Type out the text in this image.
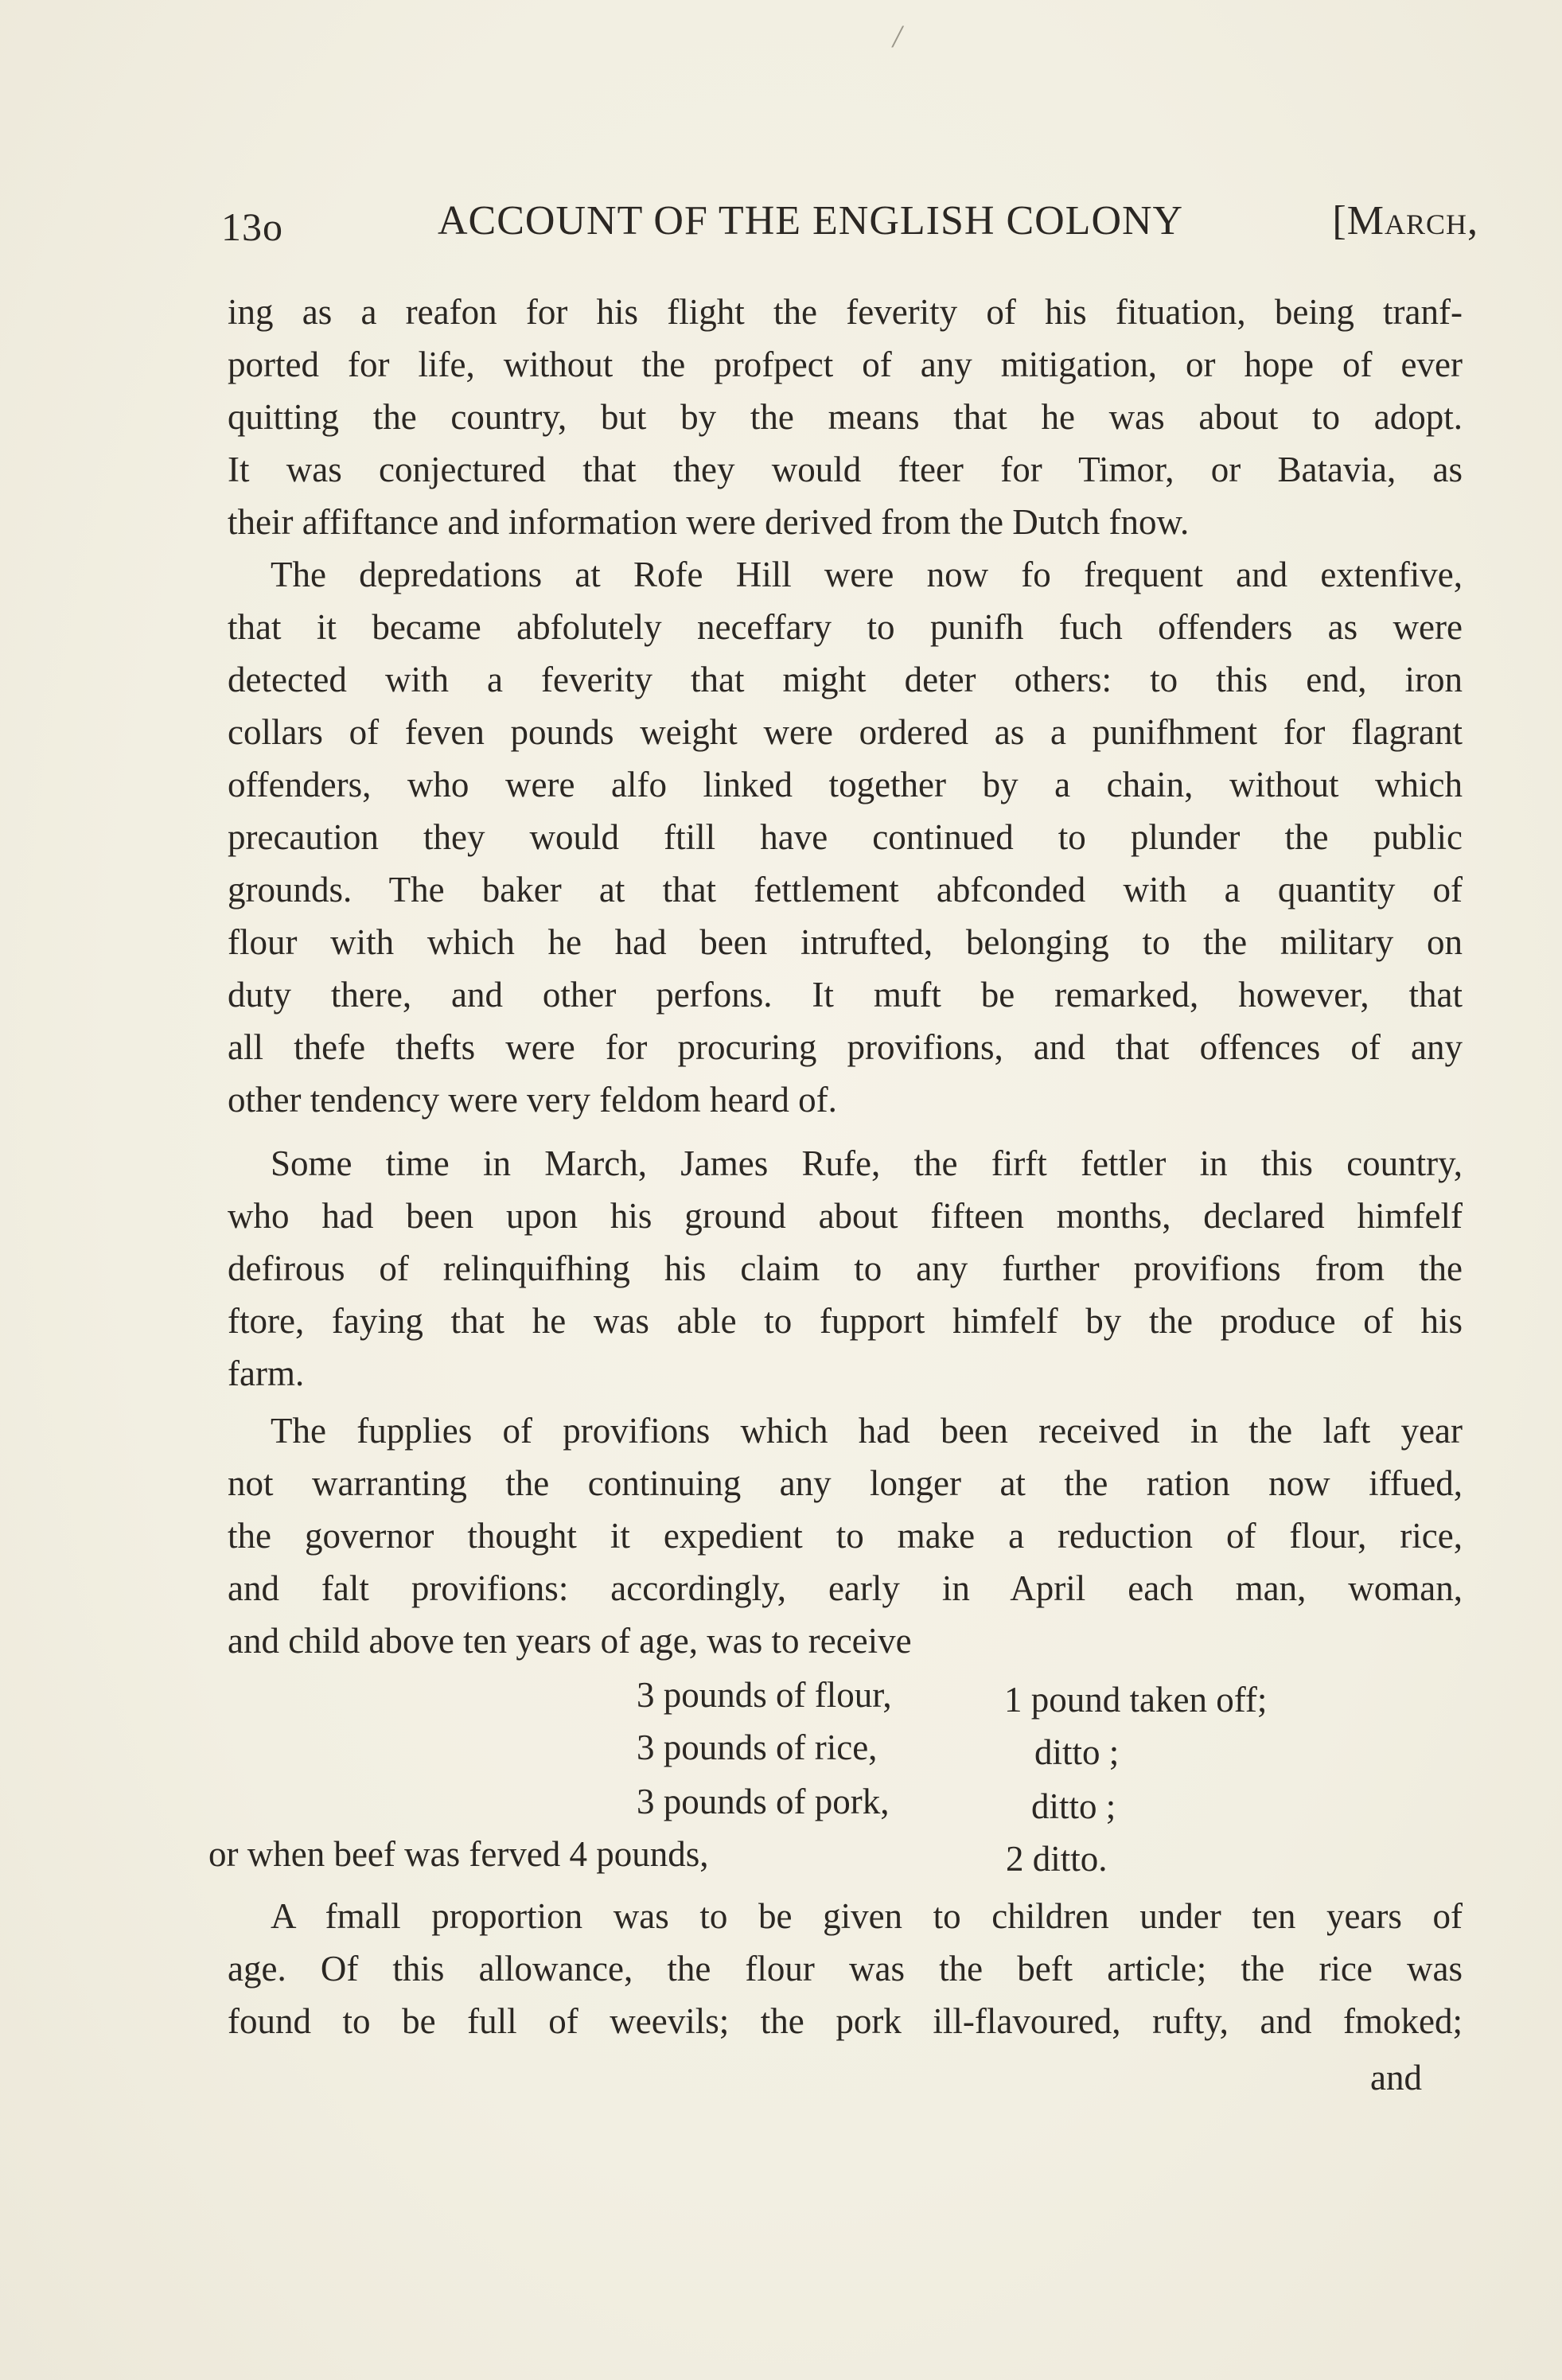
/
13o	ACCOUNT OF THE ENGLISH COLONY	[March,
ing as a reafon for his flight the feverity of his fituation, being tranf-
ported for life, without the profpect of any mitigation, or hope of ever
quitting the country, but by the means that he was about to adopt.
It was conjectured that they would fteer for Timor, or Batavia, as
their affiftance and information were derived from the Dutch fnow.
The depredations at Rofe Hill were now fo frequent and extenfive,
that it became abfolutely neceffary to punifh fuch offenders as were
detected with a feverity that might deter others: to this end, iron
collars of feven pounds weight were ordered as a punifhment for flagrant
offenders, who were alfo linked together by a chain, without which
precaution they would ftill have continued to plunder the public
grounds. The baker at that fettlement abfconded with a quantity of
flour with which he had been intrufted, belonging to the military on
duty there, and other perfons. It muft be remarked, however, that
all thefe thefts were for procuring provifions, and that offences of any
other tendency were very feldom heard of.
Some time in March, James Rufe, the firft fettler in this country,
who had been upon his ground about fifteen months, declared himfelf
defirous of relinquifhing his claim to any further provifions from the
ftore, faying that he was able to fupport himfelf by the produce of his
farm.
The fupplies of provifions which had been received in the laft year
not warranting the continuing any longer at the ration now iffued,
the governor thought it expedient to make a reduction of flour, rice,
and falt provifions: accordingly, early in April each man, woman,
and child above ten years of age, was to receive
3 pounds of flour,	1 pound taken off;
3 pounds of rice,	ditto ;
3 pounds of pork,	ditto ;
or when beef was ferved 4 pounds,	2 ditto.
A fmall proportion was to be given to children under ten years of
age. Of this allowance, the flour was the beft article; the rice was
found to be full of weevils; the pork ill-flavoured, rufty, and fmoked;
and
